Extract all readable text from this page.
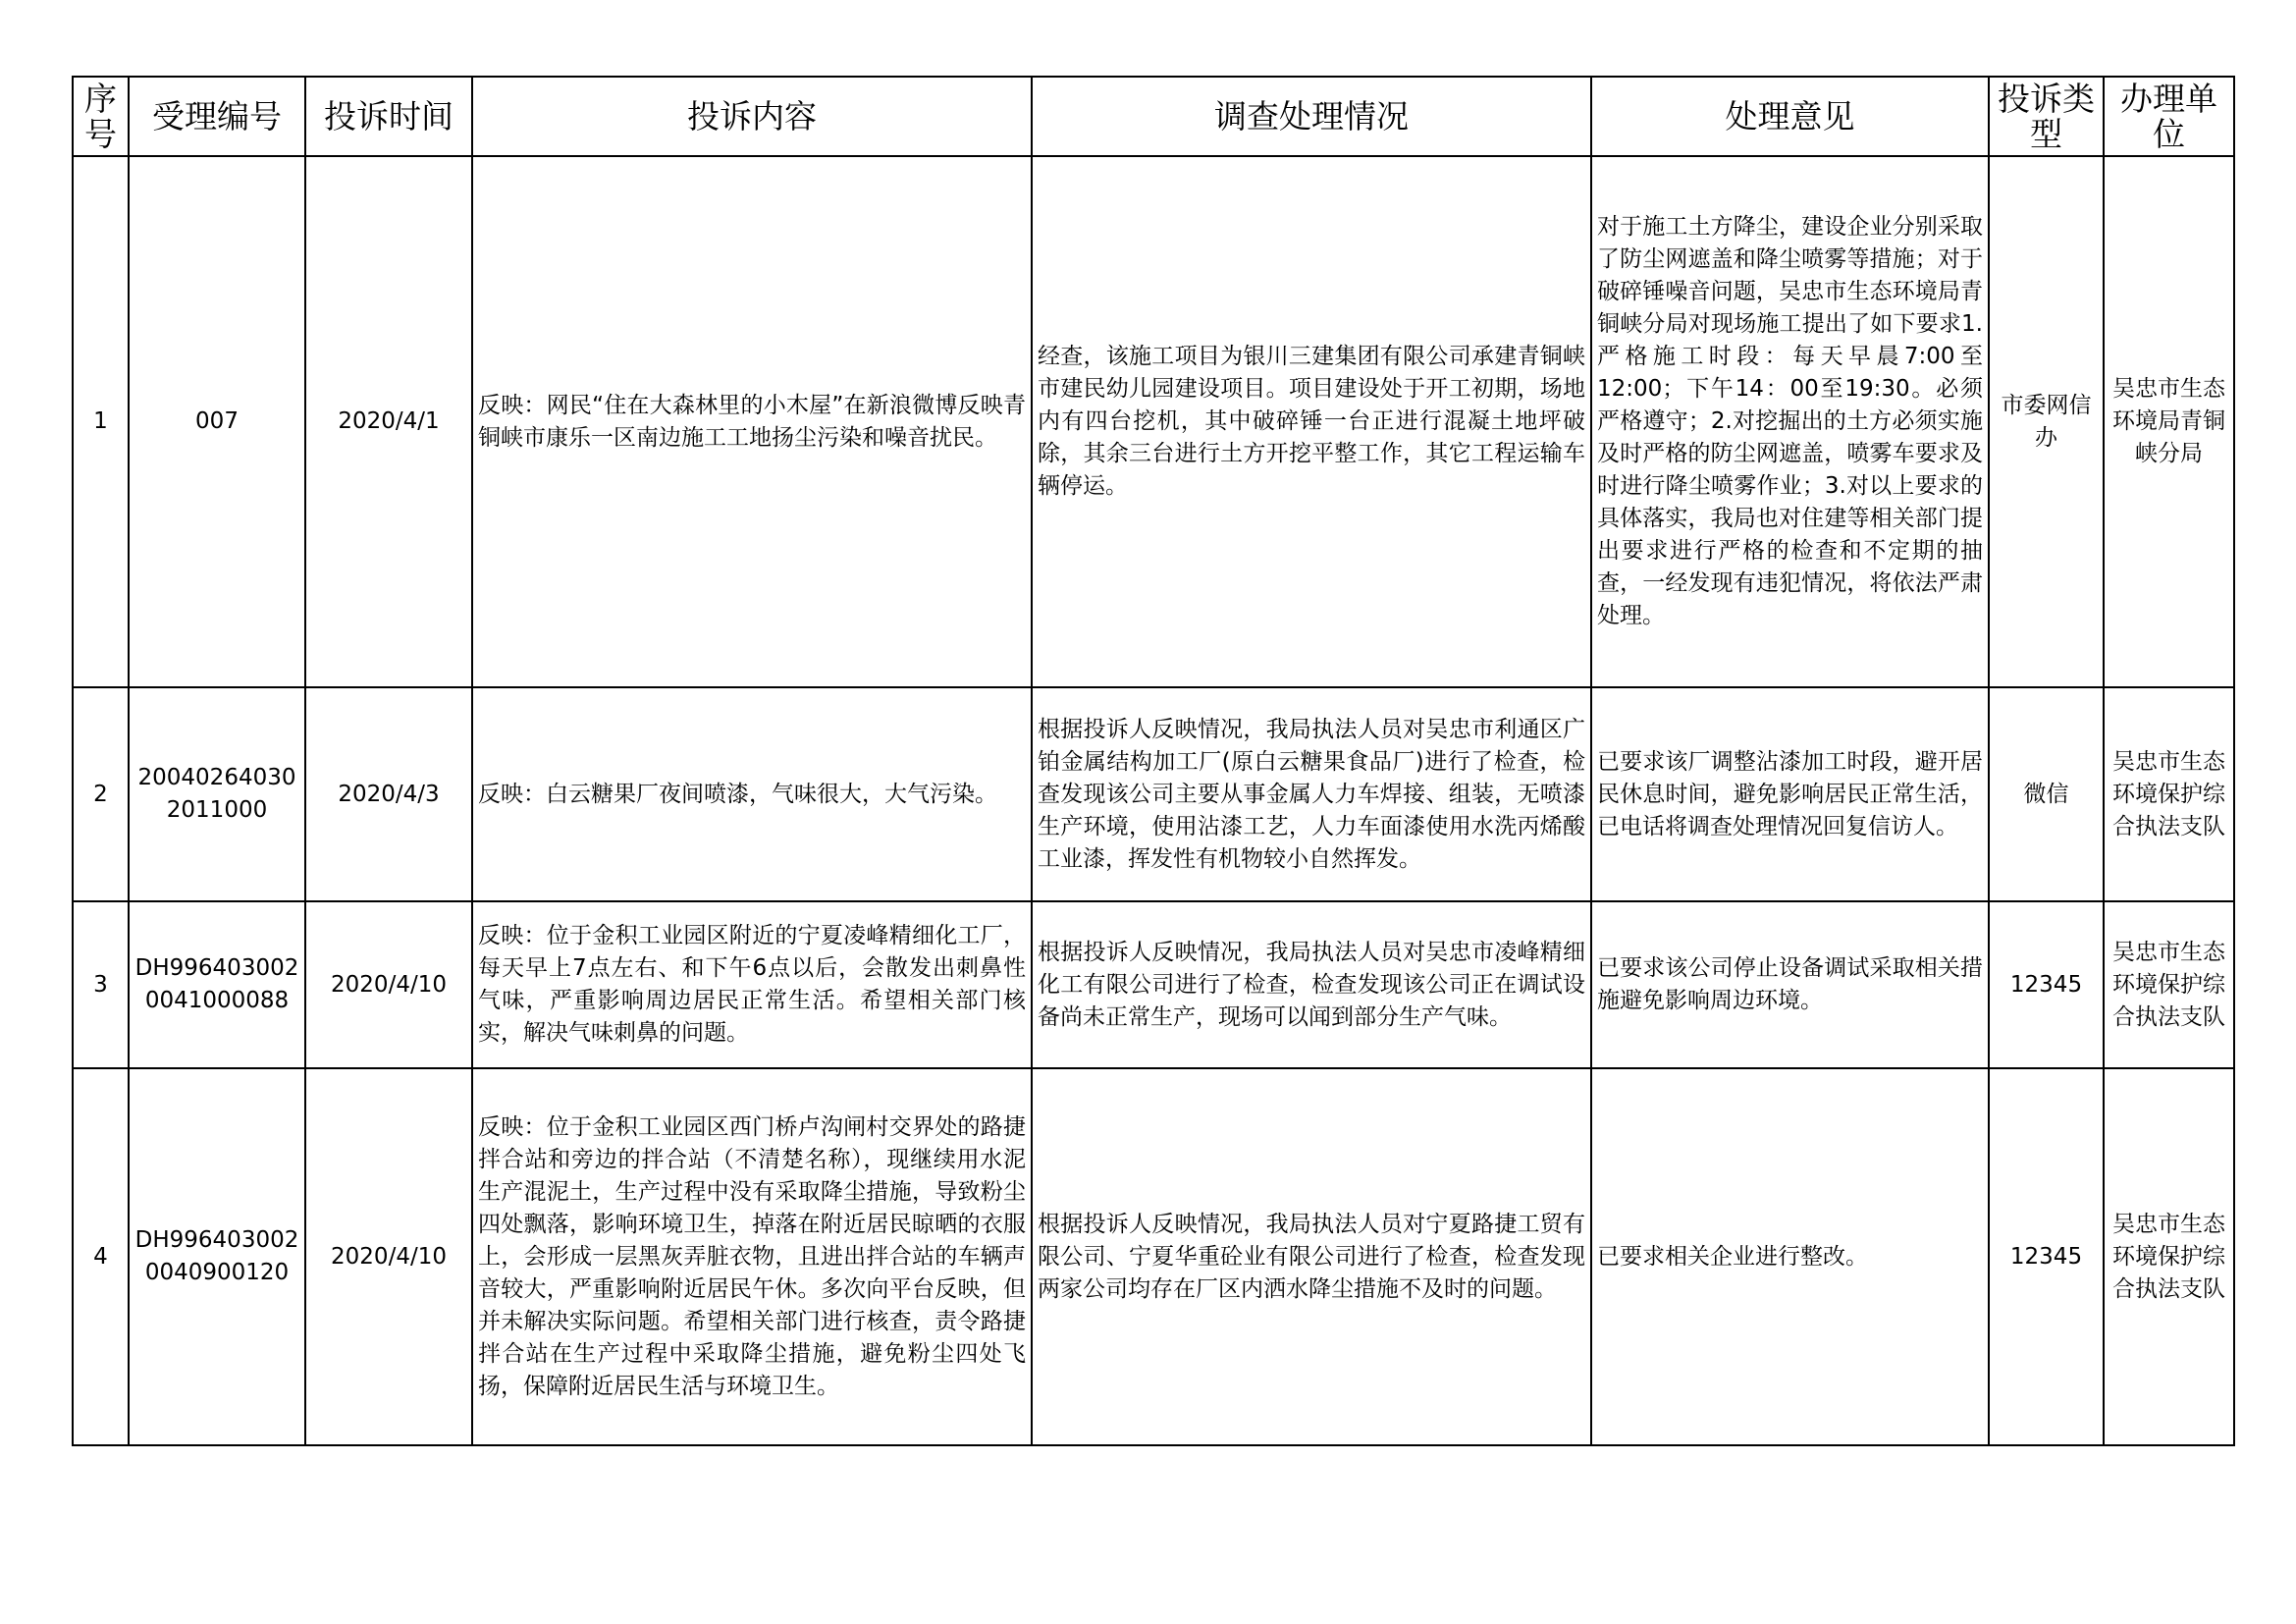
序号	受理编号	投诉时间	投诉内容	调查处理情况	处理意见	投诉类型	办理单位
1	007	2020/4/1	反映：网民“住在大森林里的小木屋”在新浪微博反映青铜峡市康乐一区南边施工工地扬尘污染和噪音扰民。	经查，该施工项目为银川三建集团有限公司承建青铜峡市建民幼儿园建设项目。项目建设处于开工初期，场地内有四台挖机，其中破碎锤一台正进行混凝土地坪破除，其余三台进行土方开挖平整工作，其它工程运输车辆停运。	对于施工土方降尘，建设企业分别采取了防尘网遮盖和降尘喷雾等措施；对于破碎锤噪音问题，吴忠市生态环境局青铜峡分局对现场施工提出了如下要求1.严格施工时段：每天早晨7:00至12:00；下午14：00至19:30。必须严格遵守；2.对挖掘出的土方必须实施及时严格的防尘网遮盖，喷雾车要求及时进行降尘喷雾作业；3.对以上要求的具体落实，我局也对住建等相关部门提出要求进行严格的检查和不定期的抽查，一经发现有违犯情况，将依法严肃处理。	市委网信办	吴忠市生态环境局青铜峡分局
2	200402640302011000	2020/4/3	反映：白云糖果厂夜间喷漆，气味很大，大气污染。	根据投诉人反映情况，我局执法人员对吴忠市利通区广铂金属结构加工厂(原白云糖果食品厂)进行了检查，检查发现该公司主要从事金属人力车焊接、组装，无喷漆生产环境，使用沾漆工艺，人力车面漆使用水洗丙烯酸工业漆，挥发性有机物较小自然挥发。	已要求该厂调整沾漆加工时段，避开居民休息时间，避免影响居民正常生活，已电话将调查处理情况回复信访人。	微信	吴忠市生态环境保护综合执法支队
3	DH9964030020041000088	2020/4/10	反映：位于金积工业园区附近的宁夏凌峰精细化工厂，每天早上7点左右、和下午6点以后，会散发出刺鼻性气味，严重影响周边居民正常生活。希望相关部门核实，解决气味刺鼻的问题。	根据投诉人反映情况，我局执法人员对吴忠市凌峰精细化工有限公司进行了检查，检查发现该公司正在调试设备尚未正常生产，现场可以闻到部分生产气味。	已要求该公司停止设备调试采取相关措施避免影响周边环境。	12345	吴忠市生态环境保护综合执法支队
4	DH9964030020040900120	2020/4/10	反映：位于金积工业园区西门桥卢沟闸村交界处的路捷拌合站和旁边的拌合站（不清楚名称），现继续用水泥生产混泥土，生产过程中没有采取降尘措施，导致粉尘四处飘落，影响环境卫生，掉落在附近居民晾晒的衣服上，会形成一层黑灰弄脏衣物，且进出拌合站的车辆声音较大，严重影响附近居民午休。多次向平台反映，但并未解决实际问题。希望相关部门进行核查，责令路捷拌合站在生产过程中采取降尘措施，避免粉尘四处飞扬，保障附近居民生活与环境卫生。	根据投诉人反映情况，我局执法人员对宁夏路捷工贸有限公司、宁夏华重砼业有限公司进行了检查，检查发现两家公司均存在厂区内洒水降尘措施不及时的问题。	已要求相关企业进行整改。	12345	吴忠市生态环境保护综合执法支队
